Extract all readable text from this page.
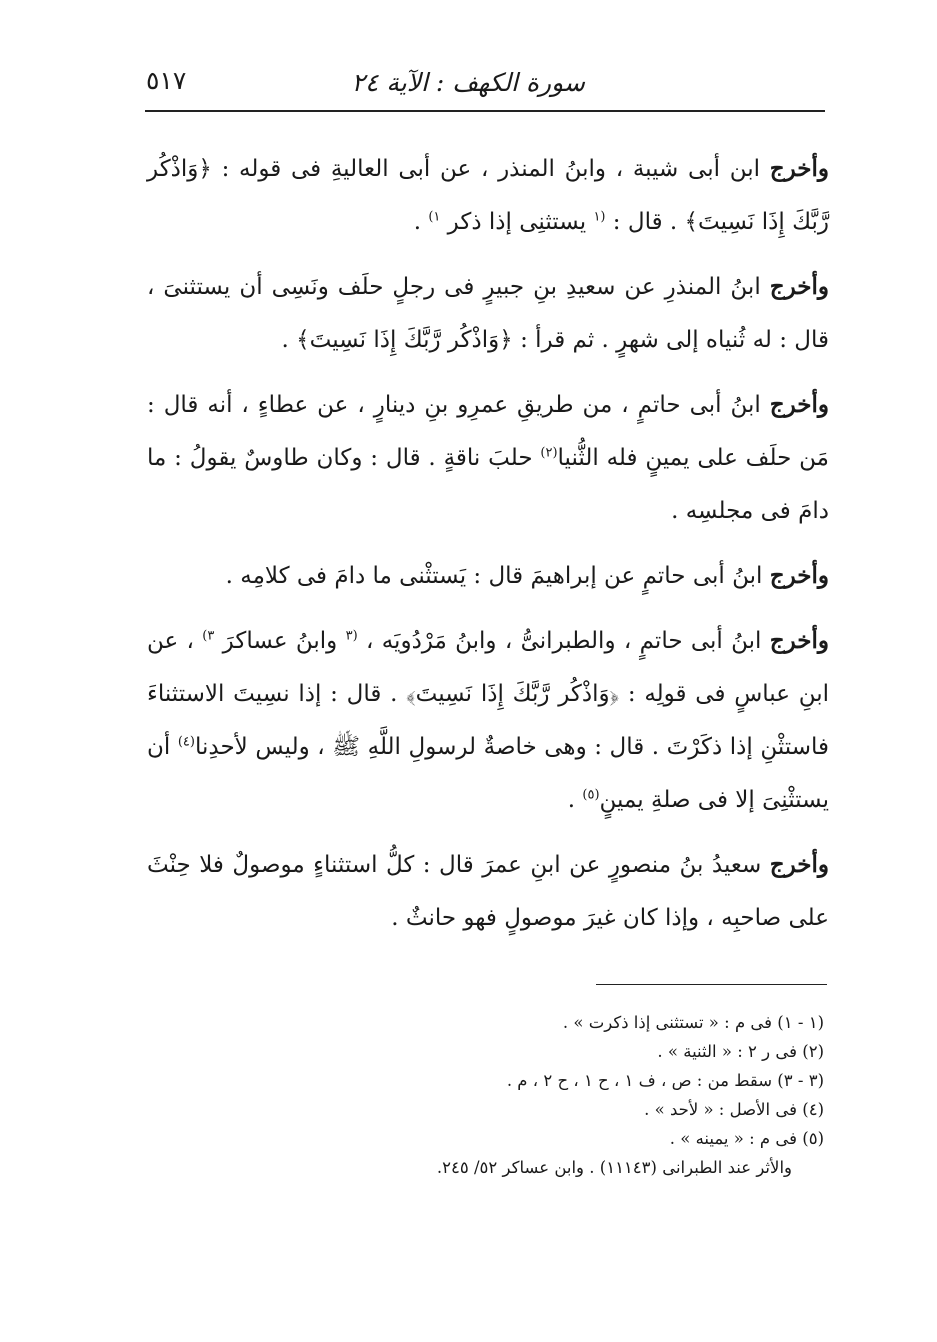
سورة الكهف : الآية ٢٤
٥١٧

وأخرج ابن أبى شيبة ، وابنُ المنذر ، عن أبى العاليةِ فى قوله : ﴿وَاذْكُر رَّبَّكَ إِذَا نَسِيتَ﴾ . قال : $^{(١}$ يستثنِى إذا ذكر $^{١)}$ .

وأخرج ابنُ المنذرِ عن سعيدِ بنِ جبيرٍ فى رجلٍ حلَف ونَسِى أن يستثنىَ ، قال : له ثُنياه إلى شهرٍ . ثم قرأ : ﴿وَاذْكُر رَّبَّكَ إِذَا نَسِيتَ﴾ .

وأخرج ابنُ أبى حاتمٍ ، من طريقِ عمرِو بنِ دينارٍ ، عن عطاءٍ ، أنه قال : مَن حلَف على يمينٍ فله الثُّنيا$^{(٢)}$ حلبَ ناقةٍ . قال : وكان طاوسٌ يقولُ : ما دامَ فى مجلسِه .

وأخرج ابنُ أبى حاتمٍ عن إبراهيمَ قال : يَستثْنى ما دامَ فى كلامِه .

وأخرج ابنُ أبى حاتمٍ ، والطبرانىُّ ، وابنُ مَرْدُويَه ، $^{(٣}$ وابنُ عساكرَ $^{٣)}$ ، عن ابنِ عباسٍ فى قولِه : ﴿وَاذْكُر رَّبَّكَ إِذَا نَسِيتَ﴾ . قال : إذا نسِيتَ الاستثناءَ فاستثْنِ إذا ذكَرْتَ . قال : وهى خاصةٌ لرسولِ اللَّهِ ﷺ ، وليس لأحدِنا$^{(٤)}$ أن يستثْنِىَ إلا فى صلةِ يمينٍ$^{(٥)}$ .

وأخرج سعيدُ بنُ منصورٍ عن ابنِ عمرَ قال : كلُّ استثناءٍ موصولٌ فلا حِنْثَ على صاحبِه ، وإذا كان غيرَ موصولٍ فهو حانثٌ .

(١ - ١) فى م : « تستثنى إذا ذكرت » .
(٢) فى ر ٢ : « الثنية » .
(٣ - ٣) سقط من : ص ، ف ١ ، ح ١ ، ح ٢ ، م .
(٤) فى الأصل : « لأحد » .
(٥) فى م : « يمينه » .
والأثر عند الطبرانى (١١١٤٣) . وابن عساكر ٥٢/ ٢٤٥.
